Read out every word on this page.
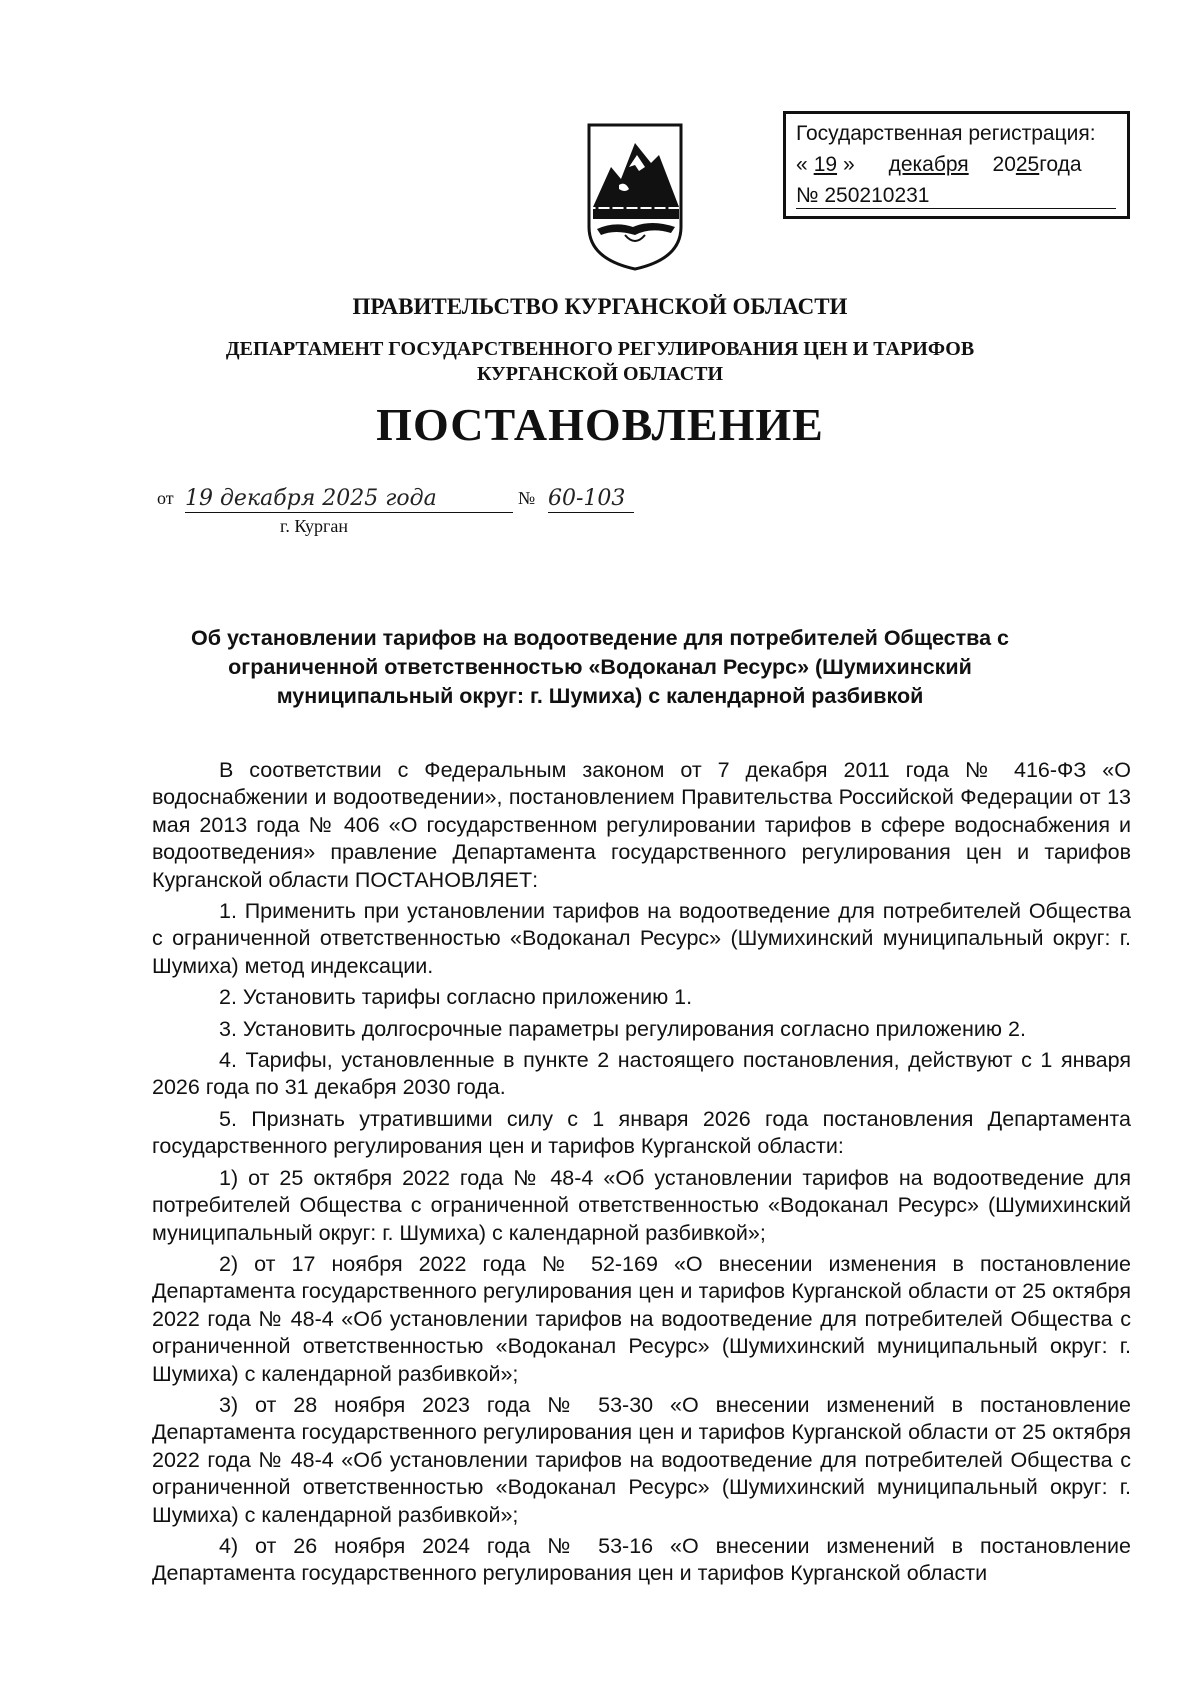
Государственная регистрация:
« 19 » декабря 2025года
№ 250210231
ПРАВИТЕЛЬСТВО КУРГАНСКОЙ ОБЛАСТИ
ДЕПАРТАМЕНТ ГОСУДАРСТВЕННОГО РЕГУЛИРОВАНИЯ ЦЕН И ТАРИФОВ
КУРГАНСКОЙ ОБЛАСТИ
ПОСТАНОВЛЕНИЕ
от 19 декабря 2025 года	№ 60-103
г. Курган
Об установлении тарифов на водоотведение для потребителей Общества с ограниченной ответственностью «Водоканал Ресурс» (Шумихинский муниципальный округ: г. Шумиха) с календарной разбивкой

В соответствии с Федеральным законом от 7 декабря 2011 года № 416-ФЗ «О водоснабжении и водоотведении», постановлением Правительства Российской Федерации от 13 мая 2013 года № 406 «О государственном регулировании тарифов в сфере водоснабжения и водоотведения» правление Департамента государственного регулирования цен и тарифов Курганской области ПОСТАНОВЛЯЕТ:

1. Применить при установлении тарифов на водоотведение для потребителей Общества с ограниченной ответственностью «Водоканал Ресурс» (Шумихинский муниципальный округ: г. Шумиха) метод индексации.

2. Установить тарифы согласно приложению 1.

3. Установить долгосрочные параметры регулирования согласно приложению 2.

4. Тарифы, установленные в пункте 2 настоящего постановления, действуют с 1 января 2026 года по 31 декабря 2030 года.

5. Признать утратившими силу с 1 января 2026 года постановления Департамента государственного регулирования цен и тарифов Курганской области:

1) от 25 октября 2022 года № 48-4 «Об установлении тарифов на водоотведение для потребителей Общества с ограниченной ответственностью «Водоканал Ресурс» (Шумихинский муниципальный округ: г. Шумиха) с календарной разбивкой»;

2) от 17 ноября 2022 года № 52-169 «О внесении изменения в постановление Департамента государственного регулирования цен и тарифов Курганской области от 25 октября 2022 года № 48-4 «Об установлении тарифов на водоотведение для потребителей Общества с ограниченной ответственностью «Водоканал Ресурс» (Шумихинский муниципальный округ: г. Шумиха) с календарной разбивкой»;

3) от 28 ноября 2023 года № 53-30 «О внесении изменений в постановление Департамента государственного регулирования цен и тарифов Курганской области от 25 октября 2022 года № 48-4 «Об установлении тарифов на водоотведение для потребителей Общества с ограниченной ответственностью «Водоканал Ресурс» (Шумихинский муниципальный округ: г. Шумиха) с календарной разбивкой»;

4) от 26 ноября 2024 года № 53-16 «О внесении изменений в постановление Департамента государственного регулирования цен и тарифов Курганской области
